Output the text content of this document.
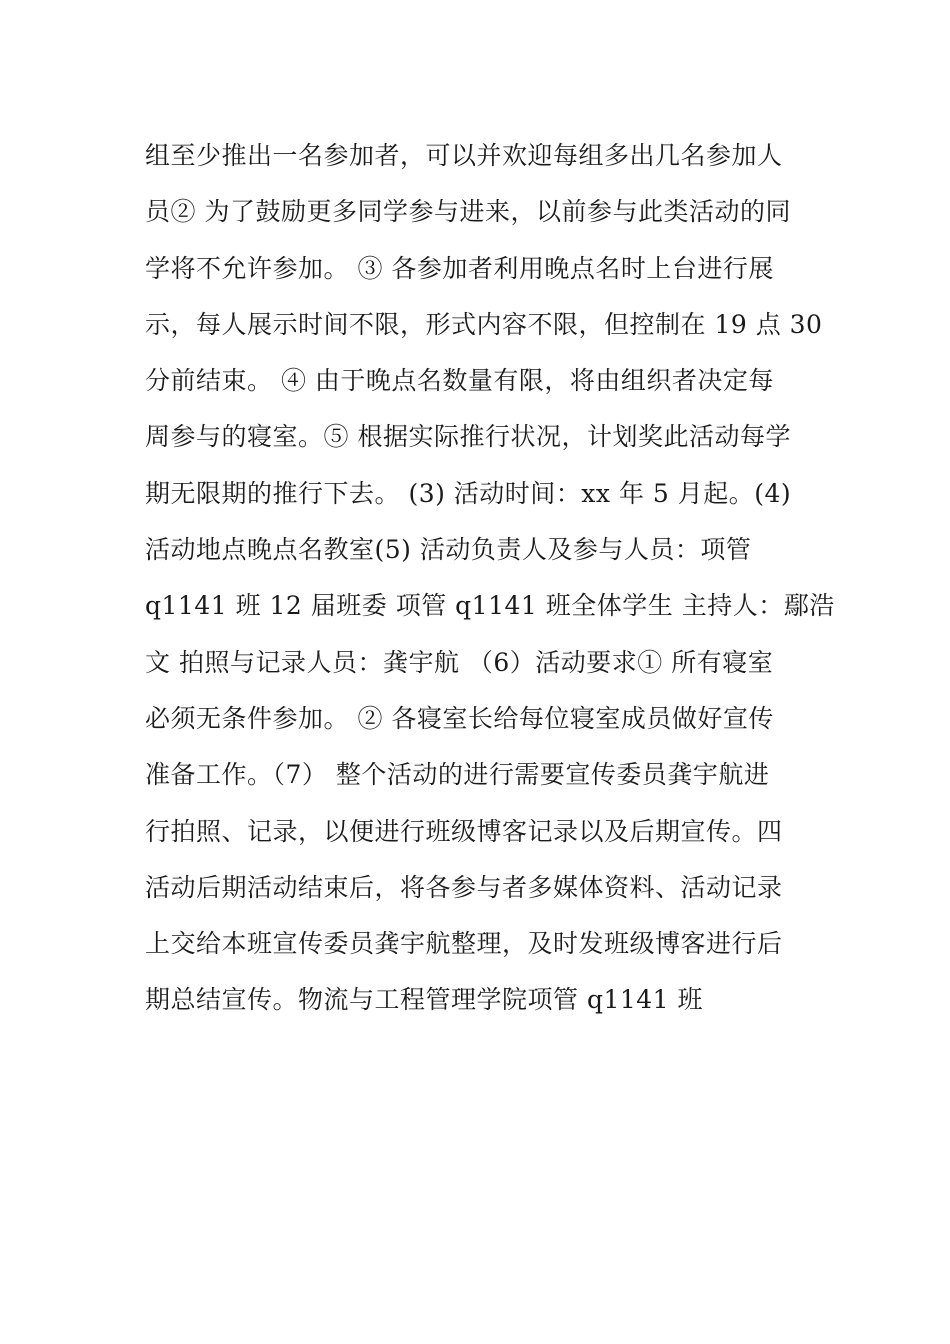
组至少推出一名参加者，可以并欢迎每组多出几名参加人
员② 为了鼓励更多同学参与进来，以前参与此类活动的同
学将不允许参加。 ③ 各参加者利用晚点名时上台进行展
示，每人展示时间不限，形式内容不限，但控制在 19 点 30
分前结束。 ④ 由于晚点名数量有限，将由组织者决定每
周参与的寝室。⑤ 根据实际推行状况，计划奖此活动每学
期无限期的推行下去。 (3) 活动时间：xx 年 5 月起。(4)
活动地点晚点名教室(5) 活动负责人及参与人员：项管
q1141 班 12 届班委 项管 q1141 班全体学生 主持人：鄢浩
文 拍照与记录人员：龚宇航 （6）活动要求① 所有寝室
必须无条件参加。 ② 各寝室长给每位寝室成员做好宣传
准备工作。（7） 整个活动的进行需要宣传委员龚宇航进
行拍照、记录，以便进行班级博客记录以及后期宣传。四
活动后期活动结束后，将各参与者多媒体资料、活动记录
上交给本班宣传委员龚宇航整理，及时发班级博客进行后
期总结宣传。物流与工程管理学院项管 q1141 班
